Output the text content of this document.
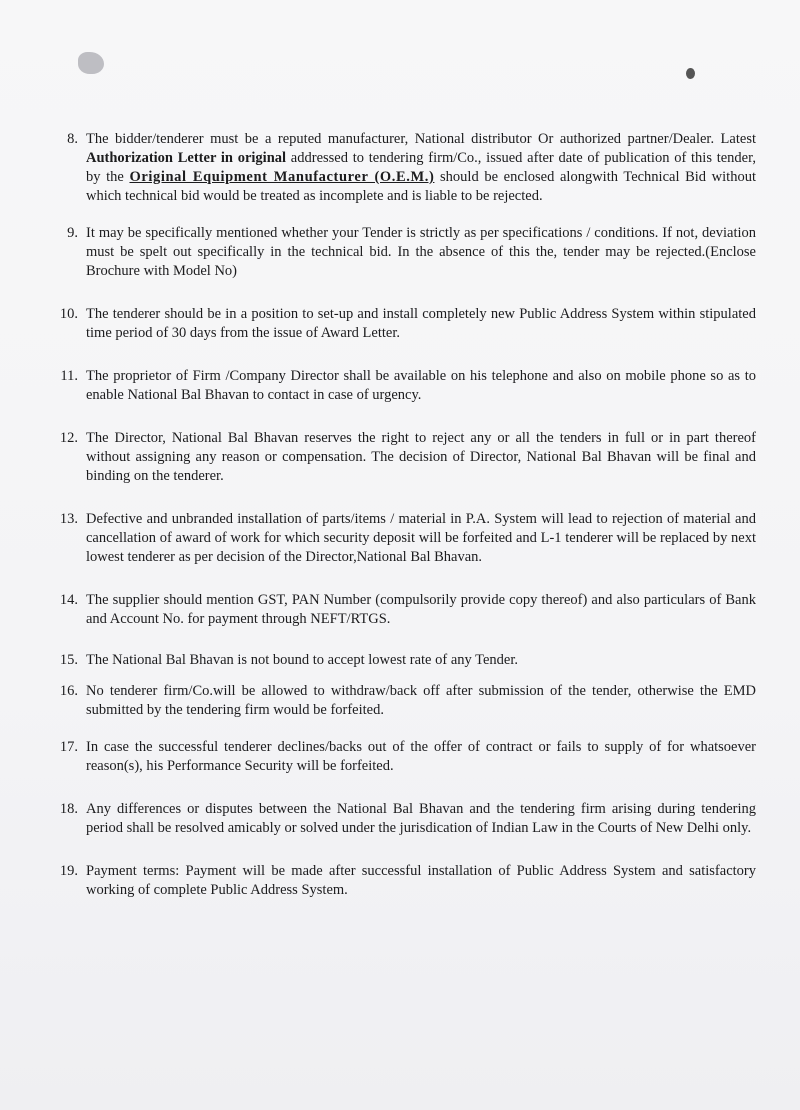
8. The bidder/tenderer must be a reputed manufacturer, National distributor Or authorized partner/Dealer. Latest Authorization Letter in original addressed to tendering firm/Co., issued after date of publication of this tender, by the Original Equipment Manufacturer (O.E.M.) should be enclosed alongwith Technical Bid without which technical bid would be treated as incomplete and is liable to be rejected.
9. It may be specifically mentioned whether your Tender is strictly as per specifications / conditions. If not, deviation must be spelt out specifically in the technical bid. In the absence of this the, tender may be rejected.(Enclose Brochure with Model No)
10. The tenderer should be in a position to set-up and install completely new Public Address System within stipulated time period of 30 days from the issue of Award Letter.
11. The proprietor of Firm /Company Director shall be available on his telephone and also on mobile phone so as to enable National Bal Bhavan to contact in case of urgency.
12. The Director, National Bal Bhavan reserves the right to reject any or all the tenders in full or in part thereof without assigning any reason or compensation. The decision of Director, National Bal Bhavan will be final and binding on the tenderer.
13. Defective and unbranded installation of parts/items / material in P.A. System will lead to rejection of material and cancellation of award of work for which security deposit will be forfeited and L-1 tenderer will be replaced by next lowest tenderer as per decision of the Director,National Bal Bhavan.
14. The supplier should mention GST, PAN Number (compulsorily provide copy thereof) and also particulars of Bank and Account No. for payment through NEFT/RTGS.
15. The National Bal Bhavan is not bound to accept lowest rate of any Tender.
16. No tenderer firm/Co.will be allowed to withdraw/back off after submission of the tender, otherwise the EMD submitted by the tendering firm would be forfeited.
17. In case the successful tenderer declines/backs out of the offer of contract or fails to supply of for whatsoever reason(s), his Performance Security will be forfeited.
18. Any differences or disputes between the National Bal Bhavan and the tendering firm arising during tendering period shall be resolved amicably or solved under the jurisdication of Indian Law in the Courts of New Delhi only.
19. Payment terms: Payment will be made after successful installation of Public Address System and satisfactory working of complete Public Address System.
